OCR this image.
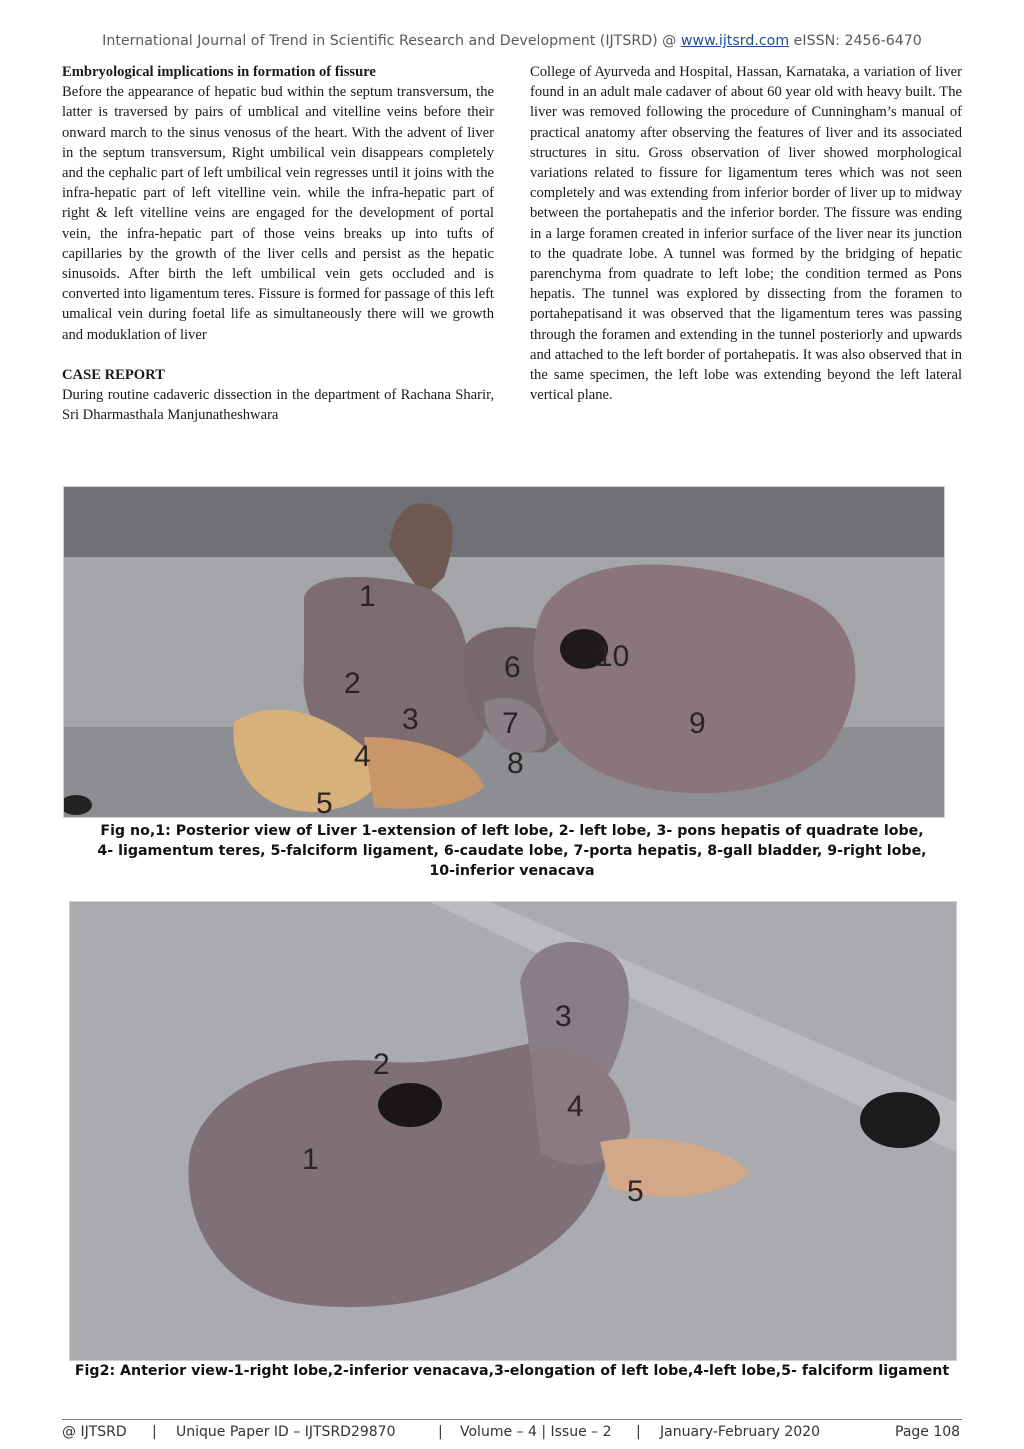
International Journal of Trend in Scientific Research and Development (IJTSRD) @ www.ijtsrd.com eISSN: 2456-6470
Embryological implications in formation of fissure

Before the appearance of hepatic bud within the septum transversum, the latter is traversed by pairs of umblical and vitelline veins before their onward march to the sinus venosus of the heart. With the advent of liver in the septum transversum, Right umbilical vein disappears completely and the cephalic part of left umbilical vein regresses until it joins with the infra-hepatic part of left vitelline vein. while the infra-hepatic part of right & left vitelline veins are engaged for the development of portal vein, the infra-hepatic part of those veins breaks up into tufts of capillaries by the growth of the liver cells and persist as the hepatic sinusoids. After birth the left umbilical vein gets occluded and is converted into ligamentum teres. Fissure is formed for passage of this left umalical vein during foetal life as simultaneously there will we growth and moduklation of liver

CASE REPORT

During routine cadaveric dissection in the department of Rachana Sharir, Sri Dharmasthala Manjunatheshwara

College of Ayurveda and Hospital, Hassan, Karnataka, a variation of liver found in an adult male cadaver of about 60 year old with heavy built. The liver was removed following the procedure of Cunningham’s manual of practical anatomy after observing the features of liver and its associated structures in situ. Gross observation of liver showed morphological variations related to fissure for ligamentum teres which was not seen completely and was extending from inferior border of liver up to midway between the portahepatis and the inferior border. The fissure was ending in a large foramen created in inferior surface of the liver near its junction to the quadrate lobe. A tunnel was formed by the bridging of hepatic parenchyma from quadrate to left lobe; the condition termed as Pons hepatis. The tunnel was explored by dissecting from the foramen to portahepatisand it was observed that the ligamentum teres was passing through the foramen and extending in the tunnel posteriorly and upwards and attached to the left border of portahepatis. It was also observed that in the same specimen, the left lobe was extending beyond the left lateral vertical plane.

1
2
3
4
5
6
7
8
9
10
Fig no,1: Posterior view of Liver 1-extension of left lobe, 2- left lobe, 3- pons hepatis of quadrate lobe,
4- ligamentum teres, 5-falciform ligament, 6-caudate lobe, 7-porta hepatis, 8-gall bladder, 9-right lobe,
10-inferior venacava
1
2
3
4
5
Fig2: Anterior view-1-right lobe,2-inferior venacava,3-elongation of left lobe,4-left lobe,5- falciform ligament
@ IJTSRD | Unique Paper ID – IJTSRD29870	| Volume – 4 | Issue – 2 | January-February 2020	Page 108
